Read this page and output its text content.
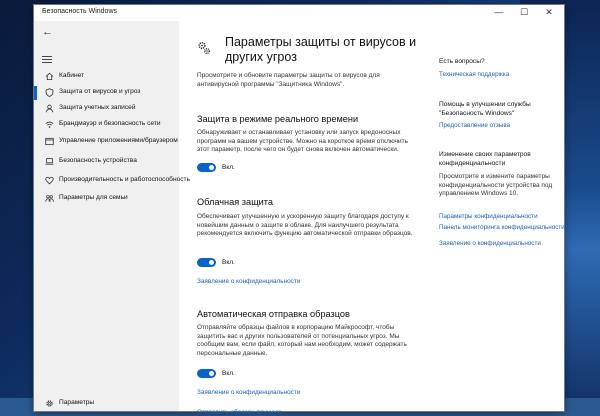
Безопасность Windows	—	☐	✕
←
Кабинет
Защита от вирусов и угроз
Защита учетных записей
Брандмауэр и безопасность сети
Управление приложениями/браузером
Безопасность устройства
Производительность и работоспособность
Параметры для семьи
Параметры
Параметры защиты от вирусов и других угроз
Просмотрите и обновите параметры защиты от вирусов для антивирусной программы "Защитника Windows".
Защита в режиме реального времени
Обнаруживает и останавливает установку или запуск вредоносных программ на вашем устройстве. Можно на короткое время отключить этот параметр, после чего он будет снова включен автоматически.
Вкл.
Облачная защита
Обеспечивает улучшенную и ускоренную защиту благодаря доступу к новейшим данным о защите в облаке. Для наилучшего результата рекомендуется включить функцию автоматической отправки образцов.
Вкл.
Заявление о конфиденциальности
Автоматическая отправка образцов
Отправляйте образцы файлов в корпорацию Майкрософт, чтобы защитить вас и других пользователей от потенциальных угроз. Мы сообщим вам, если файл, который нам необходим, может содержать персональные данные.
Вкл.
Заявление о конфиденциальности
Отправить образец вручную
Есть вопросы?
Техническая поддержка
Помощь в улучшении службы "Безопасность Windows"
Предоставление отзыва
Изменение своих параметров конфиденциальности
Просмотрите и измените параметры конфиденциальности устройства под управлением Windows 10.
Параметры конфиденциальности
Панель мониторинга конфиденциальности
Заявление о конфиденциальности
